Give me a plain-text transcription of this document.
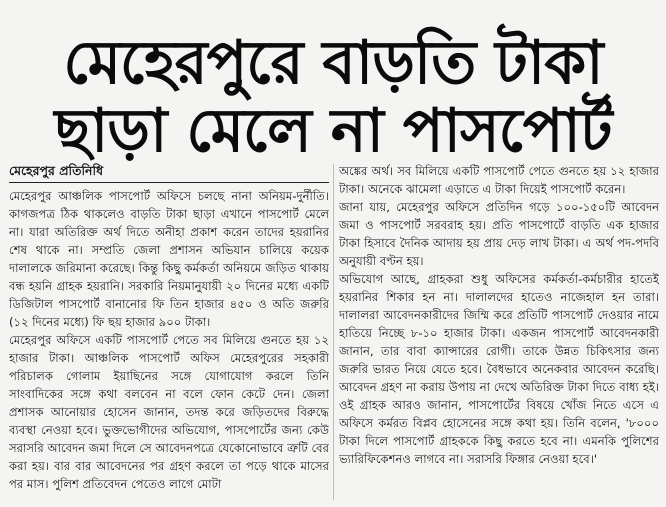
মেহেরপুরে বাড়তি টাকা
ছাড়া মেলে না পাসপোর্ট
মেহেরপুর প্রতিনিধি

মেহেরপুর আঞ্চলিক পাসপোর্ট অফিসে চলছে নানা অনিয়ম-দুর্নীতি। কাগজপত্র ঠিক থাকলেও বাড়তি টাকা ছাড়া এখানে পাসপোর্ট মেলে না। যারা অতিরিক্ত অর্থ দিতে অনীহা প্রকাশ করেন তাদের হয়রানির শেষ থাকে না। সম্প্রতি জেলা প্রশাসন অভিযান চালিয়ে কয়েক দালালকে জরিমানা করেছে। কিন্তু কিছু কর্মকর্তা অনিয়মে জড়িত থাকায় বন্ধ হয়নি গ্রাহক হয়রানি। সরকারি নিয়মানুযায়ী ২০ দিনের মধ্যে একটি ডিজিটাল পাসপোর্ট বানানোর ফি তিন হাজার ৪৫০ ও অতি জরুরি (১২ দিনের মধ্যে) ফি ছয় হাজার ৯০০ টাকা।

মেহেরপুর অফিসে একটি পাসপোর্ট পেতে সব মিলিয়ে গুনতে হয় ১২ হাজার টাকা। আঞ্চলিক পাসপোর্ট অফিস মেহেরপুরের সহকারী পরিচালক গোলাম ইয়াছিনের সঙ্গে যোগাযোগ করলে তিনি সাংবাদিকের সঙ্গে কথা বলবেন না বলে ফোন কেটে দেন। জেলা প্রশাসক আনোয়ার হোসেন জানান, তদন্ত করে জড়িতদের বিরুদ্ধে ব্যবস্থা নেওয়া হবে। ভুক্তভোগীদের অভিযোগ, পাসপোর্টের জন্য কেউ সরাসরি আবেদন জমা দিলে সে আবেদনপত্রে যেকোনোভাবে ত্রুটি বের করা হয়। বার বার আবেদনের পর গ্রহণ করলে তা পড়ে থাকে মাসের পর মাস। পুলিশ প্রতিবেদন পেতেও লাগে মোটা

অঙ্কের অর্থ। সব মিলিয়ে একটি পাসপোর্ট পেতে গুনতে হয় ১২ হাজার টাকা। অনেকে ঝামেলা এড়াতে এ টাকা দিয়েই পাসপোর্ট করেন।

জানা যায়, মেহেরপুর অফিসে প্রতিদিন গড়ে ১০০-১৫০টি আবেদন জমা ও পাসপোর্ট সরবরাহ হয়। প্রতি পাসপোর্টে বাড়তি এক হাজার টাকা হিসাবে দৈনিক আদায় হয় প্রায় দেড় লাখ টাকা। এ অর্থ পদ-পদবি অনুযায়ী বণ্টন হয়।

অভিযোগ আছে, গ্রাহকরা শুধু অফিসের কর্মকর্তা-কর্মচারীর হাতেই হয়রানির শিকার হন না। দালালদের হাতেও নাজেহাল হন তারা। দালালরা আবেদনকারীদের জিম্মি করে প্রতিটি পাসপোর্ট দেওয়ার নামে হাতিয়ে নিচ্ছে ৮-১০ হাজার টাকা। একজন পাসপোর্ট আবেদনকারী জানান, তার বাবা ক্যান্সারের রোগী। তাকে উন্নত চিকিৎসার জন্য জরুরি ভারত নিয়ে যেতে হবে। বৈধভাবে অনেকবার আবেদন করেছি। আবেদন গ্রহণ না করায় উপায় না দেখে অতিরিক্ত টাকা দিতে বাধ্য হই। ওই গ্রাহক আরও জানান, পাসপোর্টের বিষয়ে খোঁজ নিতে এসে এ অফিসে কর্মরত বিপ্লব হোসেনের সঙ্গে কথা হয়। তিনি বলেন, '৮০০০ টাকা দিলে পাসপোর্ট গ্রাহককে কিছু করতে হবে না। এমনকি পুলিশের ভ্যারিফিকেশনও লাগবে না। সরাসরি ফিঙ্গার নেওয়া হবে।'
